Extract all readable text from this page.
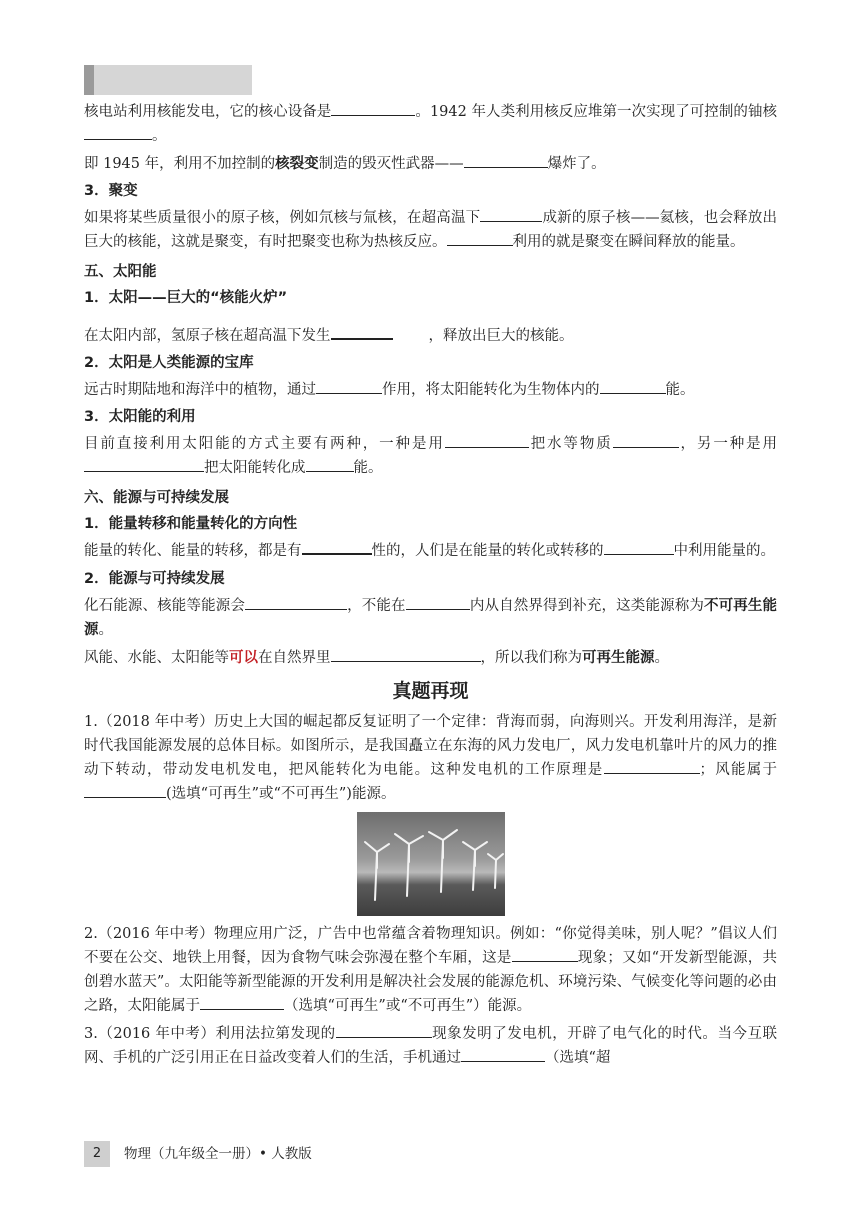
核电站利用核能发电，它的核心设备是	。1942 年人类利用核反应堆第一次实现了可控制的铀核。

即 1945 年，利用不加控制的核裂变制造的毁灭性武器——	爆炸了。

3．聚变

如果将某些质量很小的原子核，例如氘核与氚核，在超高温下	成新的原子核——氦核，也会释放出巨大的核能，这就是聚变，有时把聚变也称为热核反应。	利用的就是聚变在瞬间释放的能量。

五、太阳能

1．太阳——巨大的“核能火炉”

在太阳内部，氢原子核在超高温下发生	，释放出巨大的核能。

2．太阳是人类能源的宝库

远古时期陆地和海洋中的植物，通过	作用，将太阳能转化为生物体内的	能。

3．太阳能的利用

目前直接利用太阳能的方式主要有两种，一种是用	把水等物质	，另一种是用把太阳能转化成	能。

六、能源与可持续发展

1．能量转移和能量转化的方向性

能量的转化、能量的转移，都是有	性的，人们是在能量的转化或转移的	中利用能量的。

2．能源与可持续发展

化石能源、核能等能源会	，不能在	内从自然界得到补充，这类能源称为不可再生能源。

风能、水能、太阳能等可以在自然界里	，所以我们称为可再生能源。

真题再现

1.（2018 年中考）历史上大国的崛起都反复证明了一个定律：背海而弱，向海则兴。开发利用海洋，是新时代我国能源发展的总体目标。如图所示，是我国矗立在东海的风力发电厂，风力发电机靠叶片的风力的推动下转动，带动发电机发电，把风能转化为电能。这种发电机的工作原理是	；风能属于(选填“可再生”或“不可再生”)能源。

2.（2016 年中考）物理应用广泛，广告中也常蕴含着物理知识。例如：“你觉得美味，别人呢？”倡议人们不要在公交、地铁上用餐，因为食物气味会弥漫在整个车厢，这是	现象；又如“开发新型能源，共创碧水蓝天”。太阳能等新型能源的开发利用是解决社会发展的能源危机、环境污染、气候变化等问题的必由之路，太阳能属于	（选填“可再生”或“不可再生”）能源。

3.（2016 年中考）利用法拉第发现的	现象发明了发电机，开辟了电气化的时代。当今互联网、手机的广泛引用正在日益改变着人们的生活，手机通过	（选填“超

2	物理（九年级全一册）• 人教版
